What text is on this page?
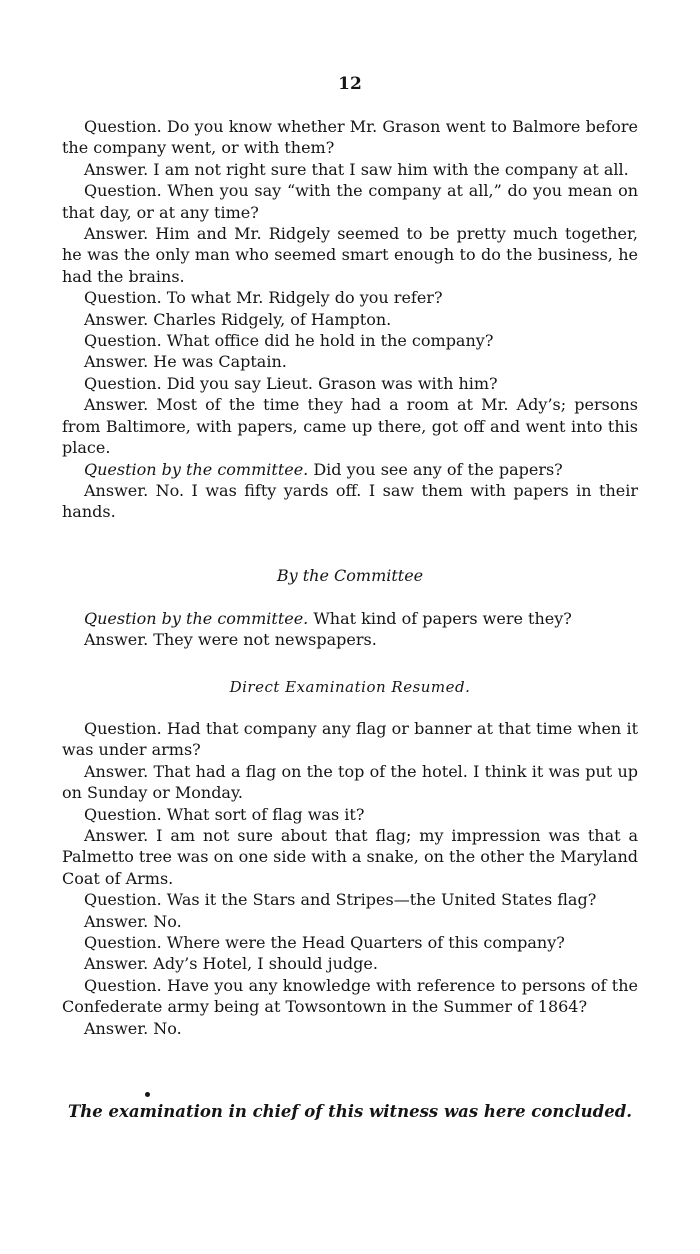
12

Question. Do you know whether Mr. Grason went to Balmore before the company went, or with them?

Answer. I am not right sure that I saw him with the company at all.

Question. When you say “with the company at all,” do you mean on that day, or at any time?

Answer. Him and Mr. Ridgely seemed to be pretty much together, he was the only man who seemed smart enough to do the business, he had the brains.

Question. To what Mr. Ridgely do you refer?

Answer. Charles Ridgely, of Hampton.

Question. What office did he hold in the company?

Answer. He was Captain.

Question. Did you say Lieut. Grason was with him?

Answer. Most of the time they had a room at Mr. Ady’s; persons from Baltimore, with papers, came up there, got off and went into this place.

Question by the committee. Did you see any of the papers?

Answer. No. I was fifty yards off. I saw them with papers in their hands.

By the Committee

Question by the committee. What kind of papers were they?

Answer. They were not newspapers.

Direct Examination Resumed.

Question. Had that company any flag or banner at that time when it was under arms?

Answer. That had a flag on the top of the hotel. I think it was put up on Sunday or Monday.

Question. What sort of flag was it?

Answer. I am not sure about that flag; my impression was that a Palmetto tree was on one side with a snake, on the other the Maryland Coat of Arms.

Question. Was it the Stars and Stripes—the United States flag?

Answer. No.

Question. Where were the Head Quarters of this company?

Answer. Ady’s Hotel, I should judge.

Question. Have you any knowledge with reference to persons of the Confederate army being at Towsontown in the Summer of 1864?

Answer. No.

The examination in chief of this witness was here concluded.
